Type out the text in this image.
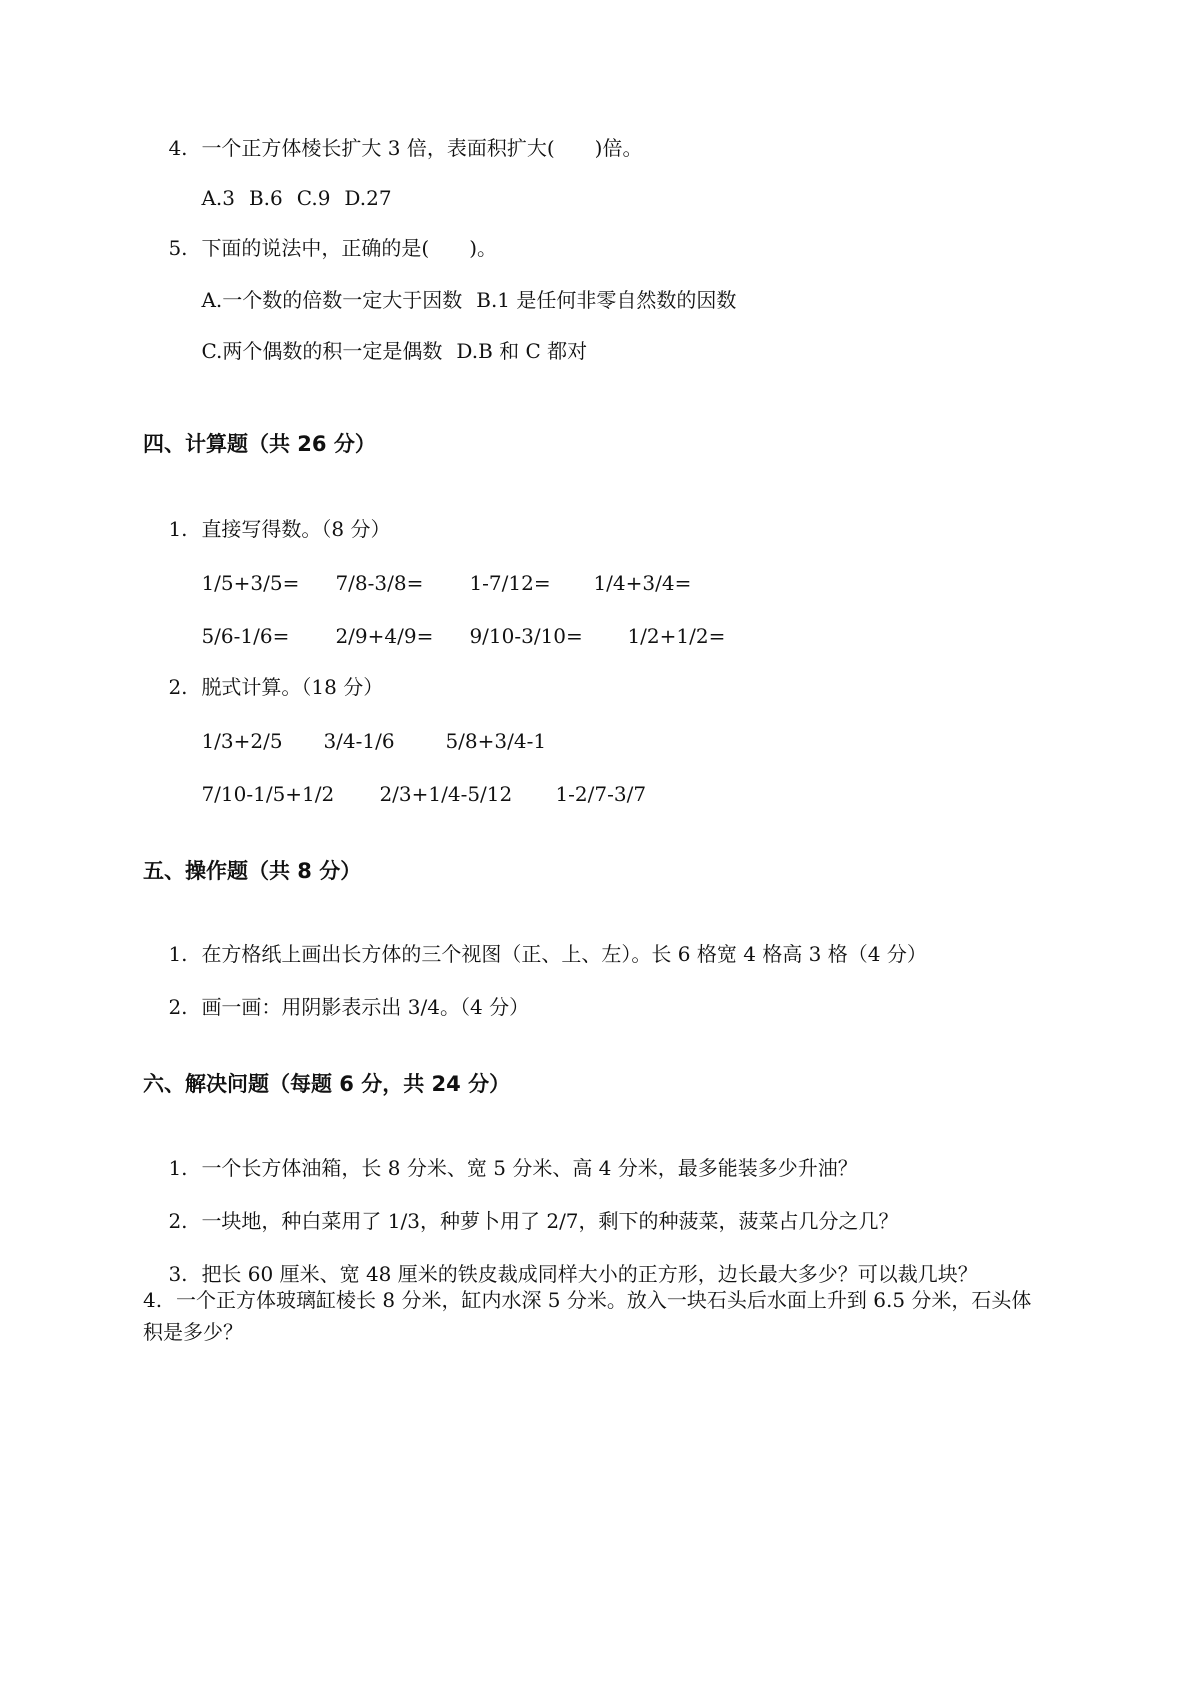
4. 一个正方体棱长扩大 3 倍，表面积扩大(　　)倍。

A.3 B.6 C.9 D.27

5. 下面的说法中，正确的是(　　)。

A.一个数的倍数一定大于因数 B.1 是任何非零自然数的因数

C.两个偶数的积一定是偶数 D.B 和 C 都对

四、计算题（共 26 分）

1. 直接写得数。（8 分）

1/5+3/5= 7/8-3/8= 1-7/12= 1/4+3/4=

5/6-1/6= 2/9+4/9= 9/10-3/10= 1/2+1/2=

2. 脱式计算。（18 分）

1/3+2/5 3/4-1/6	5/8+3/4-1

7/10-1/5+1/2 2/3+1/4-5/12 1-2/7-3/7

五、操作题（共 8 分）

1. 在方格纸上画出长方体的三个视图（正、上、左）。长 6 格宽 4 格高 3 格（4 分）

2. 画一画：用阴影表示出 3/4。（4 分）

六、解决问题（每题 6 分，共 24 分）

1. 一个长方体油箱，长 8 分米、宽 5 分米、高 4 分米，最多能装多少升油？

2. 一块地，种白菜用了 1/3，种萝卜用了 2/7，剩下的种菠菜，菠菜占几分之几？

3. 把长 60 厘米、宽 48 厘米的铁皮裁成同样大小的正方形，边长最大多少？可以裁几块？

4. 一个正方体玻璃缸棱长 8 分米，缸内水深 5 分米。放入一块石头后水面上升到 6.5 分米，石头体积是多少？
